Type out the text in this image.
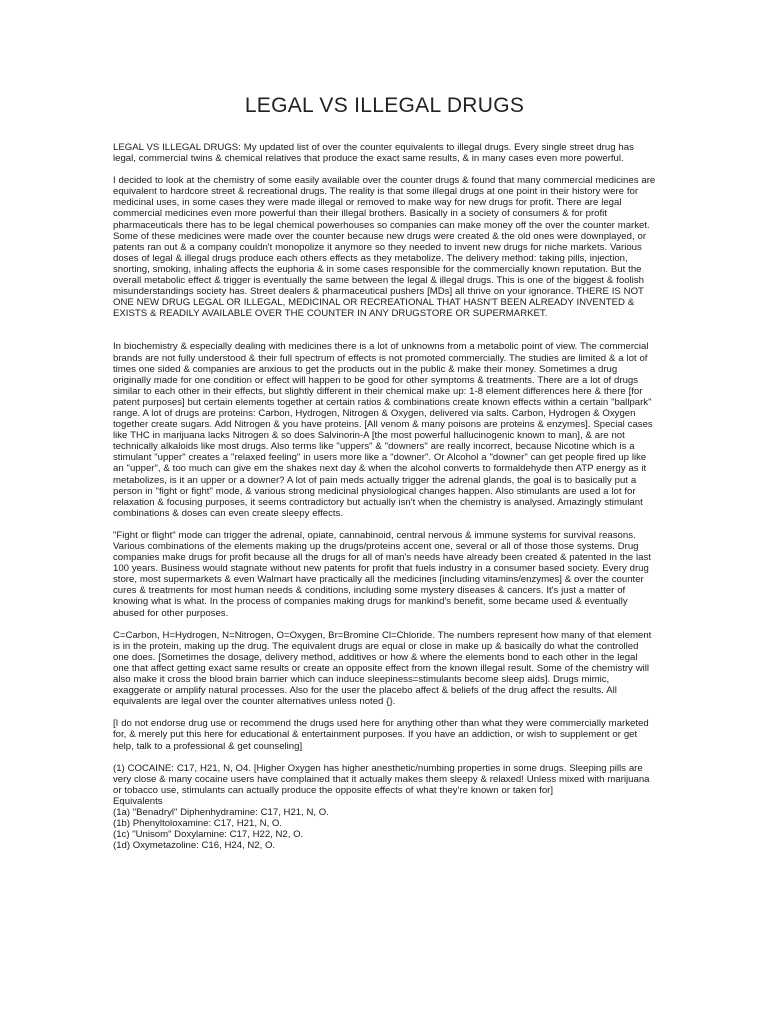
LEGAL VS ILLEGAL DRUGS

LEGAL VS ILLEGAL DRUGS: My updated list of over the counter equivalents to illegal drugs. Every single street drug has legal, commercial twins & chemical relatives that produce the exact same results, & in many cases even more powerful.

I decided to look at the chemistry of some easily available over the counter drugs & found that many commercial medicines are equivalent to hardcore street & recreational drugs. The reality is that some illegal drugs at one point in their history were for medicinal uses, in some cases they were made illegal or removed to make way for new drugs for profit. There are legal commercial medicines even more powerful than their illegal brothers. Basically in a society of consumers & for profit pharmaceuticals there has to be legal chemical powerhouses so companies can make money off the over the counter market. Some of these medicines were made over the counter because new drugs were created & the old ones were downplayed, or patents ran out & a company couldn't monopolize it anymore so they needed to invent new drugs for niche markets. Various doses of legal & illegal drugs produce each others effects as they metabolize. The delivery method: taking pills, injection, snorting, smoking, inhaling affects the euphoria & in some cases responsible for the commercially known reputation. But the overall metabolic effect & trigger is eventually the same between the legal & illegal drugs. This is one of the biggest & foolish misunderstandings society has. Street dealers & pharmaceutical pushers [MDs] all thrive on your ignorance. THERE IS NOT ONE NEW DRUG LEGAL OR ILLEGAL, MEDICINAL OR RECREATIONAL THAT HASN'T BEEN ALREADY INVENTED & EXISTS & READILY AVAILABLE OVER THE COUNTER IN ANY DRUGSTORE OR SUPERMARKET.

In biochemistry & especially dealing with medicines there is a lot of unknowns from a metabolic point of view. The commercial brands are not fully understood & their full spectrum of effects is not promoted commercially. The studies are limited & a lot of times one sided & companies are anxious to get the products out in the public & make their money. Sometimes a drug originally made for one condition or effect will happen to be good for other symptoms & treatments. There are a lot of drugs similar to each other in their effects, but slightly different in their chemical make up: 1-8 element differences here & there [for patent purposes] but certain elements together at certain ratios & combinations create known effects within a certain "ballpark" range. A lot of drugs are proteins: Carbon, Hydrogen, Nitrogen & Oxygen, delivered via salts. Carbon, Hydrogen & Oxygen together create sugars. Add Nitrogen & you have proteins. [All venom & many poisons are proteins & enzymes]. Special cases like THC in marijuana lacks Nitrogen & so does Salvinorin-A [the most powerful hallucinogenic known to man], & are not technically alkaloids like most drugs. Also terms like "uppers" & "downers" are really incorrect, because Nicotine which is a stimulant "upper" creates a "relaxed feeling" in users more like a "downer". Or Alcohol a "downer" can get people fired up like an "upper", & too much can give em the shakes next day & when the alcohol converts to formaldehyde then ATP energy as it metabolizes, is it an upper or a downer? A lot of pain meds actually trigger the adrenal glands, the goal is to basically put a person in "fight or fight" mode, & various strong medicinal physiological changes happen. Also stimulants are used a lot for relaxation & focusing purposes, it seems contradictory but actually isn't when the chemistry is analysed. Amazingly stimulant combinations & doses can even create sleepy effects.

"Fight or flight" mode can trigger the adrenal, opiate, cannabinoid, central nervous & immune systems for survival reasons. Various combinations of the elements making up the drugs/proteins accent one, several or all of those those systems. Drug companies make drugs for profit because all the drugs for all of man's needs have already been created & patented in the last 100 years. Business would stagnate without new patents for profit that fuels industry in a consumer based society. Every drug store, most supermarkets & even Walmart have practically all the medicines [including vitamins/enzymes] & over the counter cures & treatments for most human needs & conditions, including some mystery diseases & cancers. It's just a matter of knowing what is what. In the process of companies making drugs for mankind's benefit, some became used & eventually abused for other purposes.

C=Carbon, H=Hydrogen, N=Nitrogen, O=Oxygen, Br=Bromine Cl=Chloride. The numbers represent how many of that element is in the protein, making up the drug. The equivalent drugs are equal or close in make up & basically do what the controlled one does. [Sometimes the dosage, delivery method, additives or how & where the elements bond to each other in the legal one that affect getting exact same results or create an opposite effect from the known illegal result. Some of the chemistry will also make it cross the blood brain barrier which can induce sleepiness=stimulants become sleep aids]. Drugs mimic, exaggerate or amplify natural processes. Also for the user the placebo affect & beliefs of the drug affect the results. All equivalents are legal over the counter alternatives unless noted {}.

[I do not endorse drug use or recommend the drugs used here for anything other than what they were commercially marketed for, & merely put this here for educational & entertainment purposes. If you have an addiction, or wish to supplement or get help, talk to a professional & get counseling]

(1) COCAINE: C17, H21, N, O4. [Higher Oxygen has higher anesthetic/numbing properties in some drugs. Sleeping pills are very close & many cocaine users have complained that it actually makes them sleepy & relaxed! Unless mixed with marijuana or tobacco use, stimulants can actually produce the opposite effects of what they're known or taken for]

Equivalents
(1a) "Benadryl" Diphenhydramine: C17, H21, N, O.
(1b) Phenyltoloxamine: C17, H21, N, O.
(1c) "Unisom" Doxylamine: C17, H22, N2, O.
(1d) Oxymetazoline: C16, H24, N2, O.
